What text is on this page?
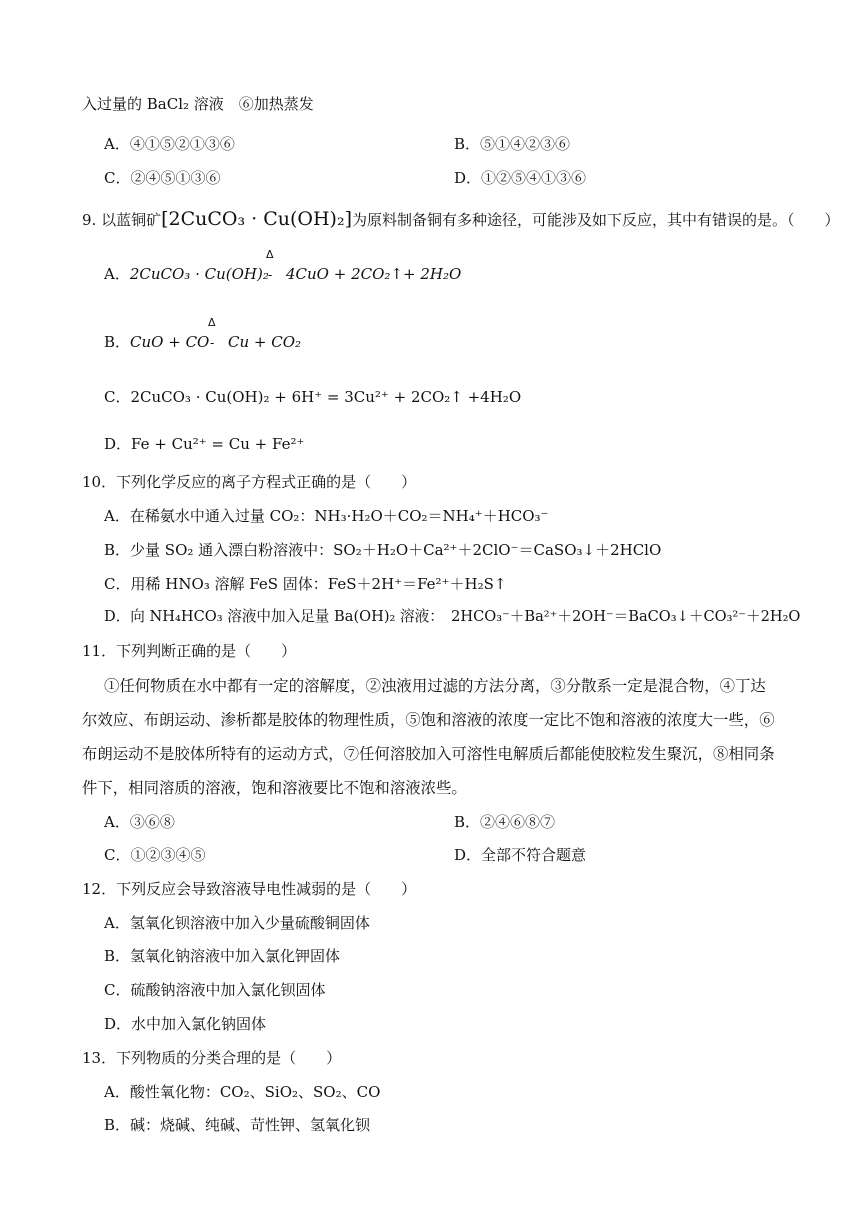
入过量的 BaCl₂ 溶液　⑥加热蒸发
A．④①⑤②①③⑥	B．⑤①④②③⑥
C．②④⑤①③⑥	D．①②⑤④①③⑥
9. 以蓝铜矿[2CuCO₃ · Cu(OH)₂]为原料制备铜有多种途径，可能涉及如下反应，其中有错误的是。（　　）
Δ
-
A．2CuCO₃ · Cu(OH)₂ 4CuO + 2CO₂↑+ 2H₂O
Δ
-
B．CuO + CO Cu + CO₂
C．2CuCO₃ · Cu(OH)₂ + 6H⁺ = 3Cu²⁺ + 2CO₂↑ +4H₂O
D．Fe + Cu²⁺ = Cu + Fe²⁺
10．下列化学反应的离子方程式正确的是（　　）
A．在稀氨水中通入过量 CO₂：NH₃·H₂O＋CO₂＝NH₄⁺＋HCO₃⁻
B．少量 SO₂ 通入漂白粉溶液中：SO₂＋H₂O＋Ca²⁺＋2ClO⁻＝CaSO₃↓＋2HClO
C．用稀 HNO₃ 溶解 FeS 固体：FeS＋2H⁺＝Fe²⁺＋H₂S↑
D．向 NH₄HCO₃ 溶液中加入足量 Ba(OH)₂ 溶液：　2HCO₃⁻＋Ba²⁺＋2OH⁻＝BaCO₃↓＋CO₃²⁻＋2H₂O
11．下列判断正确的是（　　）
①任何物质在水中都有一定的溶解度，②浊液用过滤的方法分离，③分散系一定是混合物，④丁达
尔效应、布朗运动、渗析都是胶体的物理性质，⑤饱和溶液的浓度一定比不饱和溶液的浓度大一些，⑥
布朗运动不是胶体所特有的运动方式，⑦任何溶胶加入可溶性电解质后都能使胶粒发生聚沉，⑧相同条
件下，相同溶质的溶液，饱和溶液要比不饱和溶液浓些。
A．③⑥⑧	B．②④⑥⑧⑦
C．①②③④⑤	D．全部不符合题意
12．下列反应会导致溶液导电性减弱的是（　　）
A．氢氧化钡溶液中加入少量硫酸铜固体
B．氢氧化钠溶液中加入氯化钾固体
C．硫酸钠溶液中加入氯化钡固体
D．水中加入氯化钠固体
13．下列物质的分类合理的是（　　）
A．酸性氧化物：CO₂、SiO₂、SO₂、CO
B．碱：烧碱、纯碱、苛性钾、氢氧化钡
